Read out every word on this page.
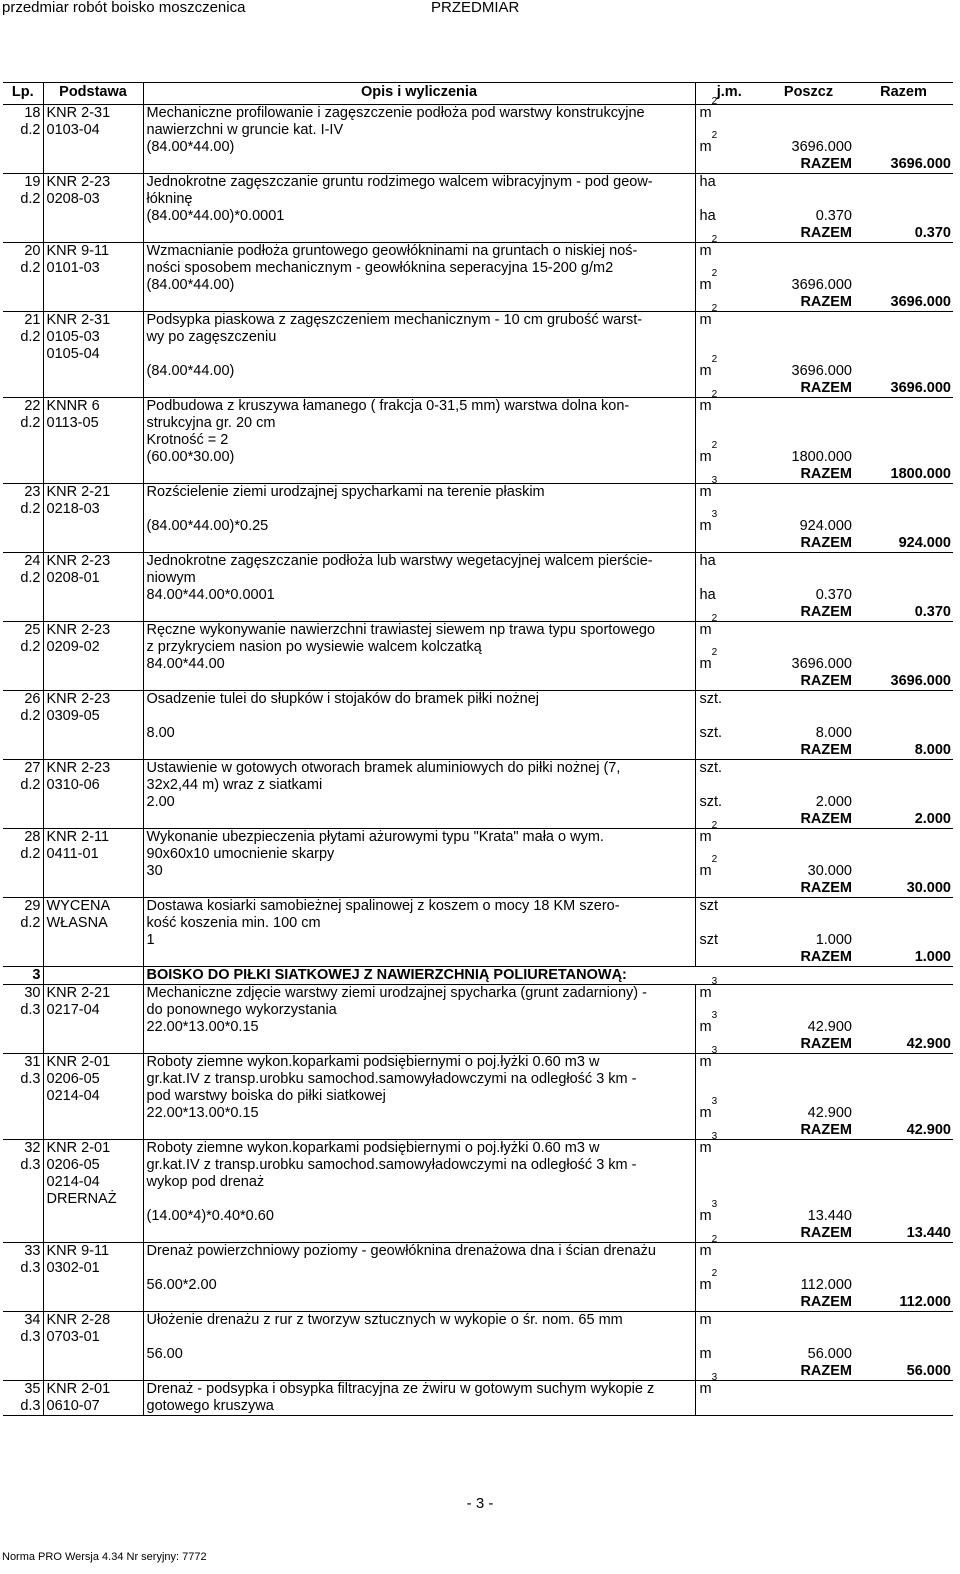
przedmiar robót boisko moszczenica	PRZEDMIAR
Lp.	Podstawa	Opis i wyliczenia	j.m.	Poszcz	Razem
18	KNR 2-31	Mechaniczne profilowanie i zagęszczenie podłoża pod warstwy konstrukcyjne	$m^2$		
d.2	0103-04	nawierzchni w gruncie kat. I-IV			
		(84.00*44.00)	$m^2$	3696.000	
				RAZEM	3696.000
19	KNR 2-23	Jednokrotne zagęszczanie gruntu rodzimego walcem wibracyjnym - pod geow-	ha		
d.2	0208-03	łókninę			
		(84.00*44.00)*0.0001	ha	0.370	
				RAZEM	0.370
20	KNR 9-11	Wzmacnianie podłoża gruntowego geowłókninami na gruntach o niskiej noś-	$m^2$		
d.2	0101-03	ności sposobem mechanicznym - geowłóknina seperacyjna 15-200 g/m2			
		(84.00*44.00)	$m^2$	3696.000	
				RAZEM	3696.000
21	KNR 2-31	Podsypka piaskowa z zagęszczeniem mechanicznym - 10 cm grubość warst-	$m^2$		
d.2	0105-03	wy po zagęszczeniu			
	0105-04				
		(84.00*44.00)	$m^2$	3696.000	
				RAZEM	3696.000
22	KNNR 6	Podbudowa z kruszywa łamanego ( frakcja 0-31,5 mm) warstwa dolna kon-	$m^2$		
d.2	0113-05	strukcyjna gr. 20 cm			
		Krotność = 2			
		(60.00*30.00)	$m^2$	1800.000	
				RAZEM	1800.000
23	KNR 2-21	Rozścielenie ziemi urodzajnej spycharkami na terenie płaskim	$m^3$		
d.2	0218-03				
		(84.00*44.00)*0.25	$m^3$	924.000	
				RAZEM	924.000
24	KNR 2-23	Jednokrotne zagęszczanie podłoża lub warstwy wegetacyjnej walcem pierście-	ha		
d.2	0208-01	niowym			
		84.00*44.00*0.0001	ha	0.370	
				RAZEM	0.370
25	KNR 2-23	Ręczne wykonywanie nawierzchni trawiastej siewem np trawa typu sportowego	$m^2$		
d.2	0209-02	z przykryciem nasion po wysiewie walcem kolczatką			
		84.00*44.00	$m^2$	3696.000	
				RAZEM	3696.000
26	KNR 2-23	Osadzenie tulei do słupków i stojaków do bramek piłki nożnej	szt.		
d.2	0309-05				
		8.00	szt.	8.000	
				RAZEM	8.000
27	KNR 2-23	Ustawienie w gotowych otworach bramek aluminiowych do piłki nożnej (7,	szt.		
d.2	0310-06	32x2,44 m) wraz z siatkami			
		2.00	szt.	2.000	
				RAZEM	2.000
28	KNR 2-11	Wykonanie ubezpieczenia płytami ażurowymi typu "Krata" mała o wym.	$m^2$		
d.2	0411-01	90x60x10 umocnienie skarpy			
		30	$m^2$	30.000	
				RAZEM	30.000
29	WYCENA	Dostawa kosiarki samobieżnej spalinowej z koszem o mocy 18 KM szero-	szt		
d.2	WŁASNA	kość koszenia min. 100 cm			
		1	szt	1.000	
				RAZEM	1.000
3		BOISKO DO PIŁKI SIATKOWEJ Z NAWIERZCHNIĄ POLIURETANOWĄ:			
30	KNR 2-21	Mechaniczne zdjęcie warstwy ziemi urodzajnej spycharka (grunt zadarniony) -	$m^3$		
d.3	0217-04	do ponownego wykorzystania			
		22.00*13.00*0.15	$m^3$	42.900	
				RAZEM	42.900
31	KNR 2-01	Roboty ziemne wykon.koparkami podsiębiernymi o poj.łyżki 0.60 m3 w	$m^3$		
d.3	0206-05	gr.kat.IV z transp.urobku samochod.samowyładowczymi na odległość 3 km -			
	0214-04	pod warstwy boiska do piłki siatkowej			
		22.00*13.00*0.15	$m^3$	42.900	
				RAZEM	42.900
32	KNR 2-01	Roboty ziemne wykon.koparkami podsiębiernymi o poj.łyżki 0.60 m3 w	$m^3$		
d.3	0206-05	gr.kat.IV z transp.urobku samochod.samowyładowczymi na odległość 3 km -			
	0214-04	wykop pod drenaż			
	DRERNAŻ				
		(14.00*4)*0.40*0.60	$m^3$	13.440	
				RAZEM	13.440
33	KNR 9-11	Drenaż powierzchniowy poziomy - geowłóknina drenażowa dna i ścian drenażu	$m^2$		
d.3	0302-01				
		56.00*2.00	$m^2$	112.000	
				RAZEM	112.000
34	KNR 2-28	Ułożenie drenażu z rur z tworzyw sztucznych w wykopie o śr. nom. 65 mm	m		
d.3	0703-01				
		56.00	m	56.000	
				RAZEM	56.000
35	KNR 2-01	Drenaż - podsypka i obsypka filtracyjna ze żwiru w gotowym suchym wykopie z	$m^3$		
d.3	0610-07	gotowego kruszywa			
- 3 -
Norma PRO Wersja 4.34 Nr seryjny: 7772
